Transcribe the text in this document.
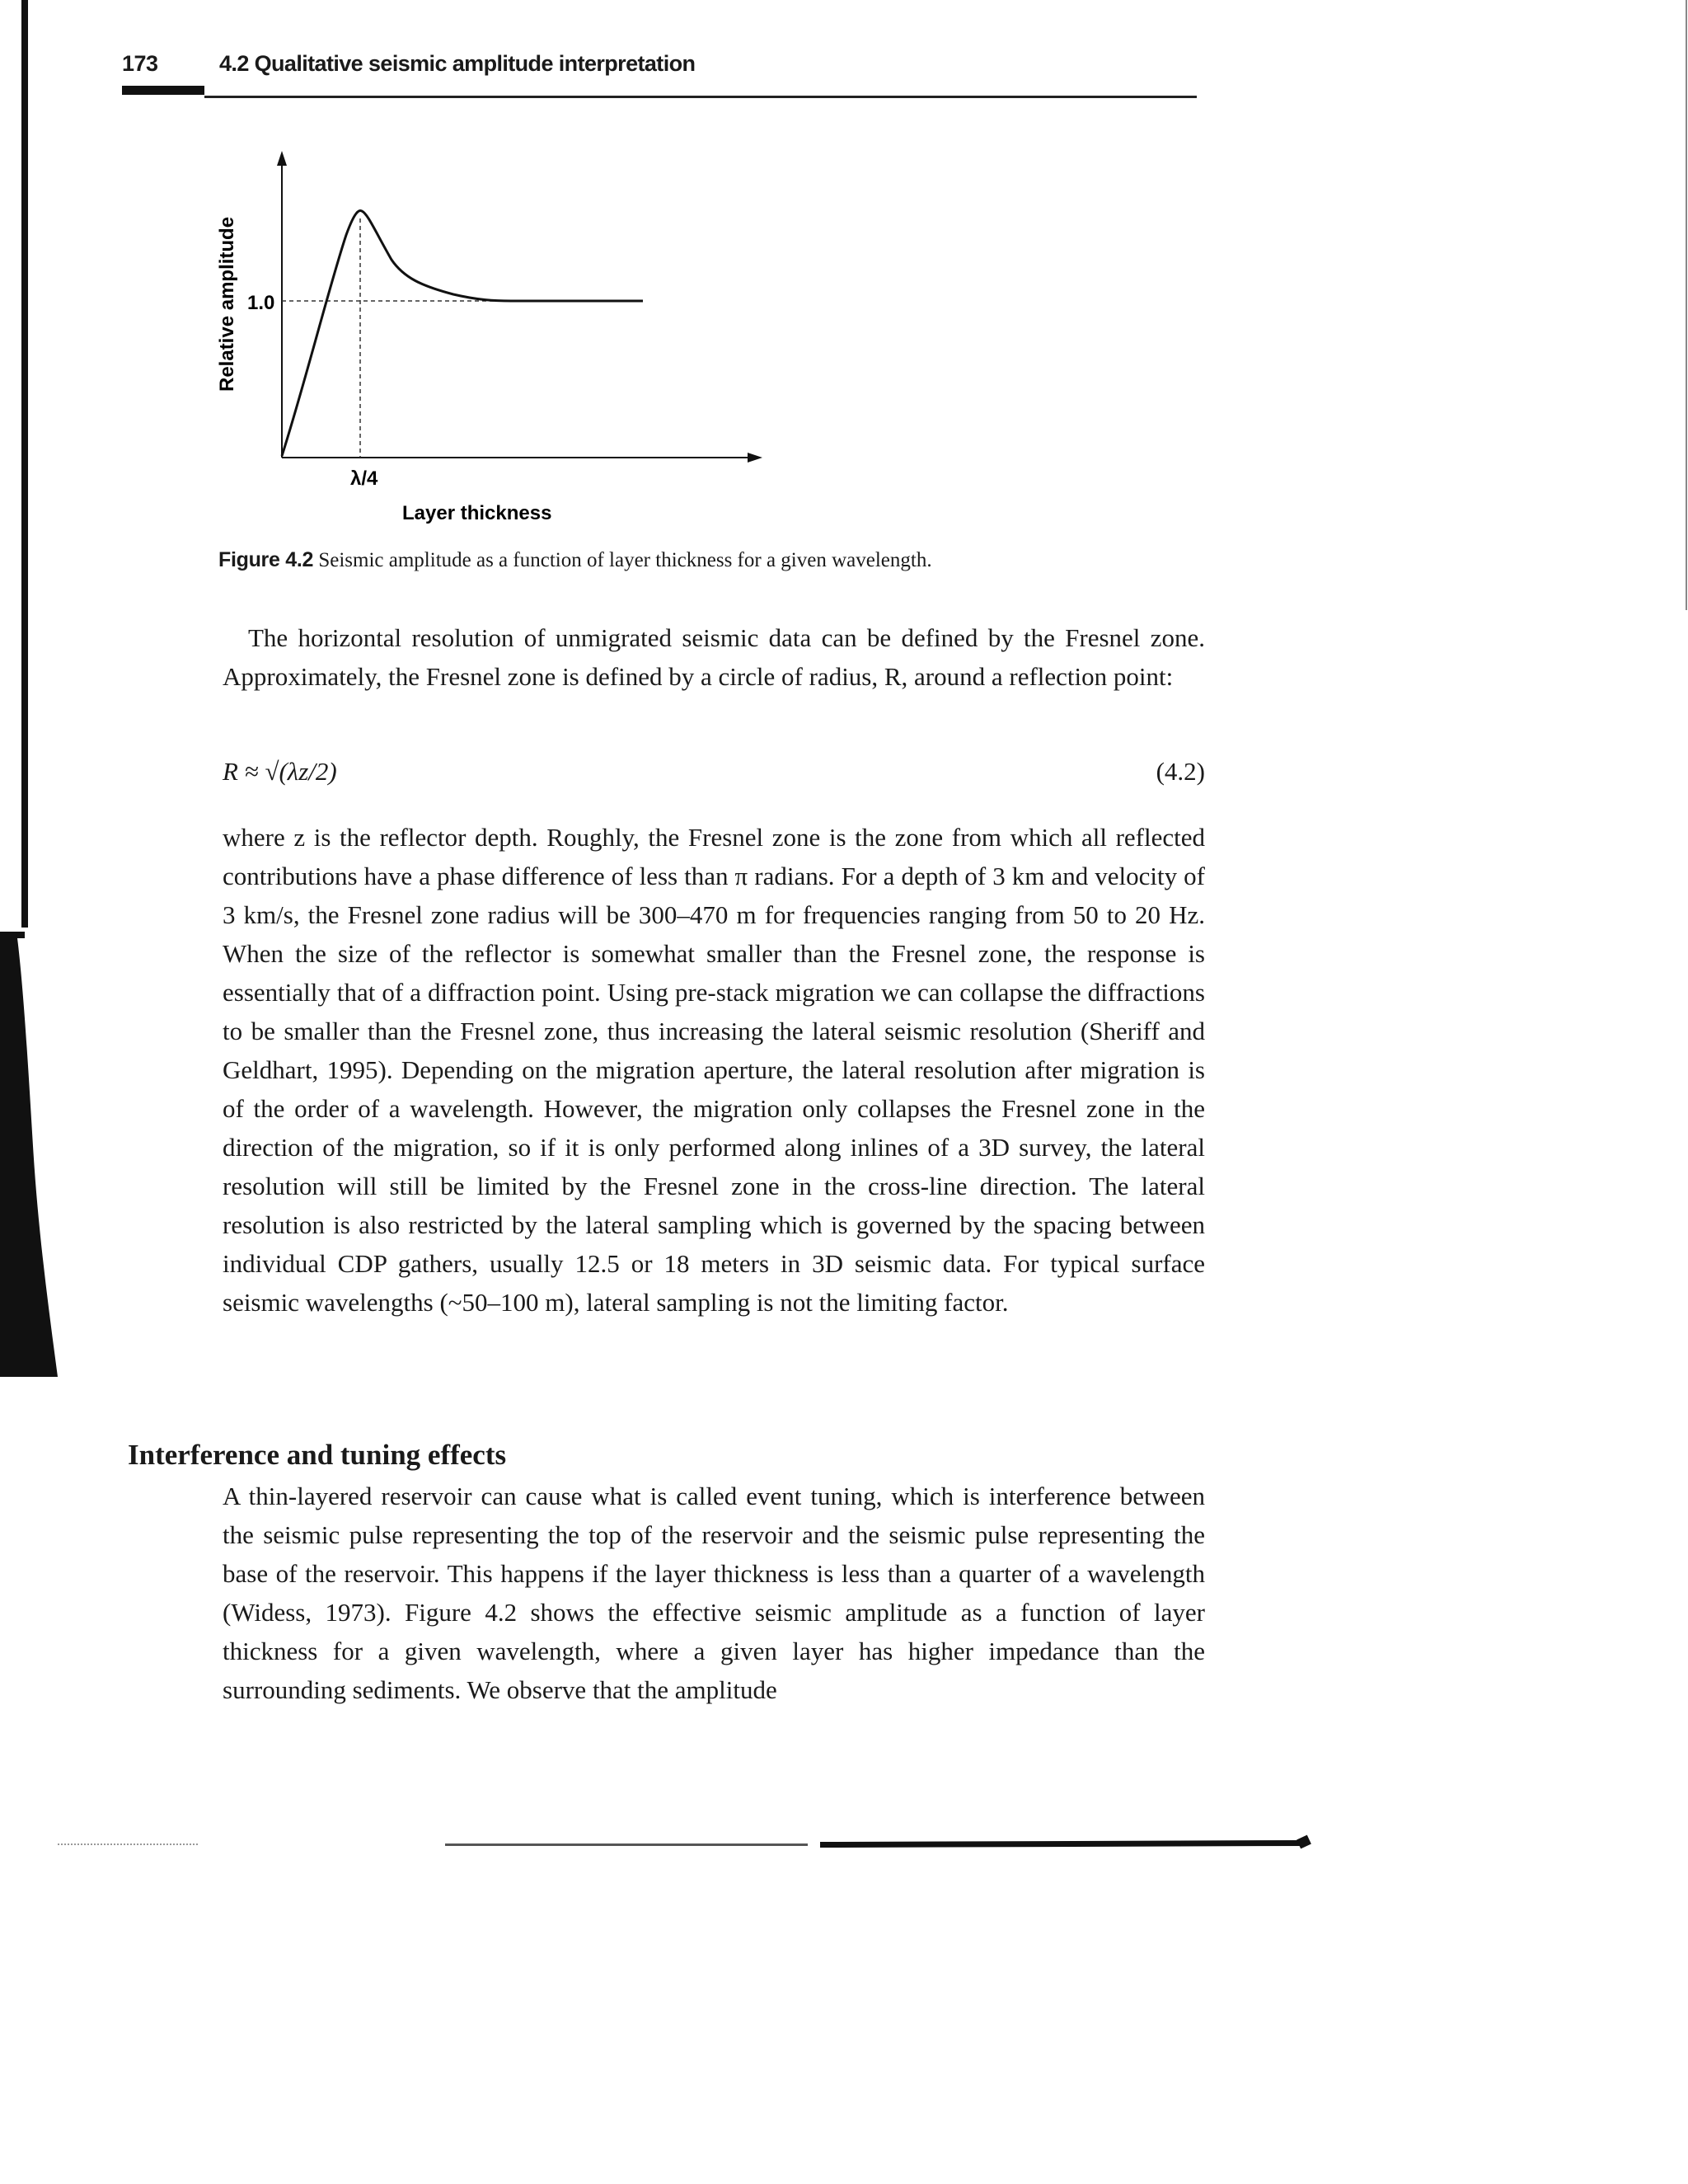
173	4.2 Qualitative seismic amplitude interpretation
1.0
λ/4
Layer thickness
Relative amplitude
Figure 4.2 Seismic amplitude as a function of layer thickness for a given wavelength.

The horizontal resolution of unmigrated seismic data can be defined by the Fresnel zone. Approximately, the Fresnel zone is defined by a circle of radius, R, around a reflection point:

R ≈ √(λz/2)	(4.2)

where z is the reflector depth. Roughly, the Fresnel zone is the zone from which all reflected contributions have a phase difference of less than π radians. For a depth of 3 km and velocity of 3 km/s, the Fresnel zone radius will be 300–470 m for frequencies ranging from 50 to 20 Hz. When the size of the reflector is somewhat smaller than the Fresnel zone, the response is essentially that of a diffraction point. Using pre-stack migration we can collapse the diffractions to be smaller than the Fresnel zone, thus increasing the lateral seismic resolution (Sheriff and Geldhart, 1995). Depending on the migration aperture, the lateral resolution after migration is of the order of a wavelength. However, the migration only collapses the Fresnel zone in the direction of the migration, so if it is only performed along inlines of a 3D survey, the lateral resolution will still be limited by the Fresnel zone in the cross-line direction. The lateral resolution is also restricted by the lateral sampling which is governed by the spacing between individual CDP gathers, usually 12.5 or 18 meters in 3D seismic data. For typical surface seismic wavelengths (~50–100 m), lateral sampling is not the limiting factor.

Interference and tuning effects

A thin-layered reservoir can cause what is called event tuning, which is interference between the seismic pulse representing the top of the reservoir and the seismic pulse representing the base of the reservoir. This happens if the layer thickness is less than a quarter of a wavelength (Widess, 1973). Figure 4.2 shows the effective seismic amplitude as a function of layer thickness for a given wavelength, where a given layer has higher impedance than the surrounding sediments. We observe that the amplitude
